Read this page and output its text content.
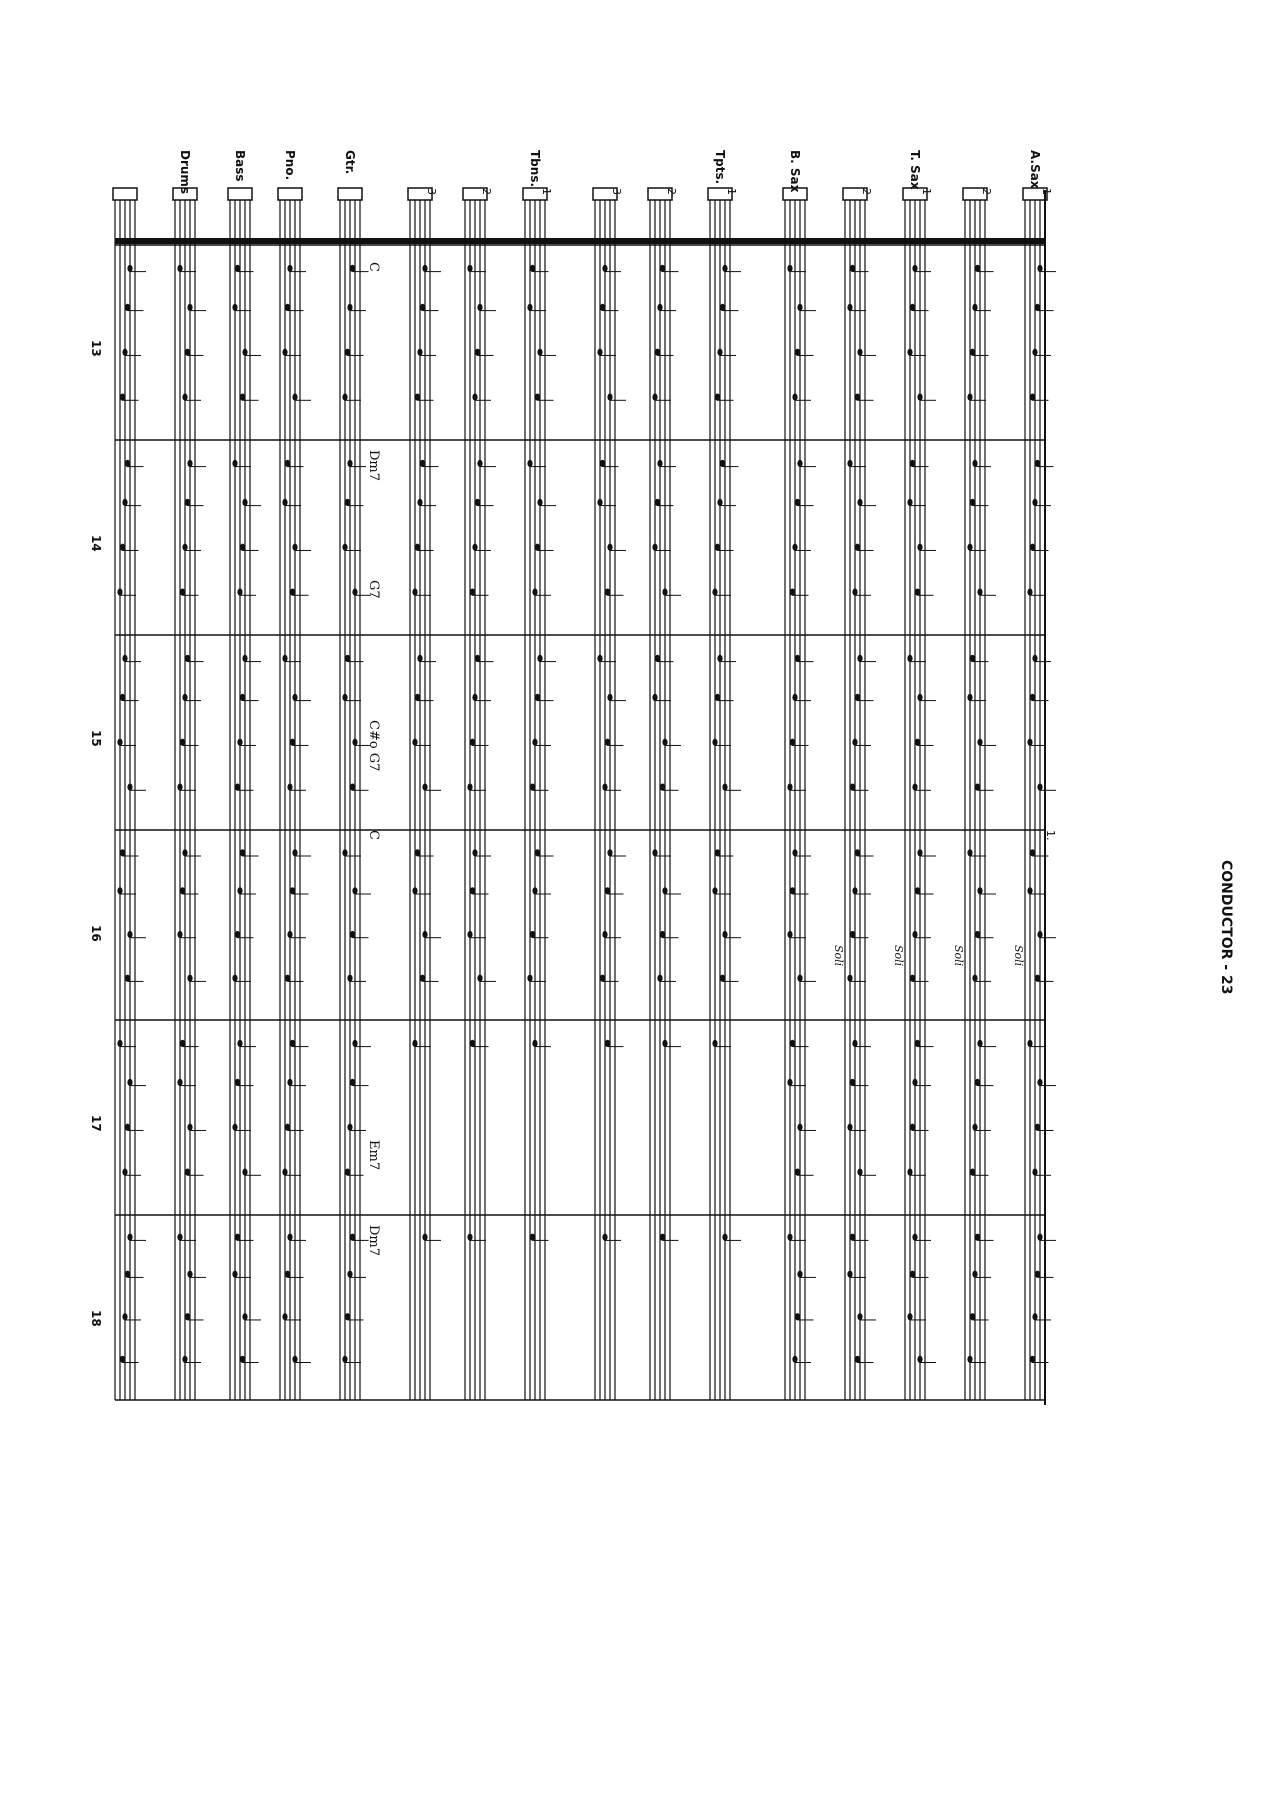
A.Sax
1
2
T. Sax
1
2
B. Sax
Tpts.
1
2
3
Tbns.
1
2
3
Gtr.
Pno.
Bass
Drums
CONDUCTOR - 23
13
14
15
16
17
18
C
Dm7
G7
C#o G7
C
Em7
Dm7
Soli
Soli
Soli
Soli
1.
